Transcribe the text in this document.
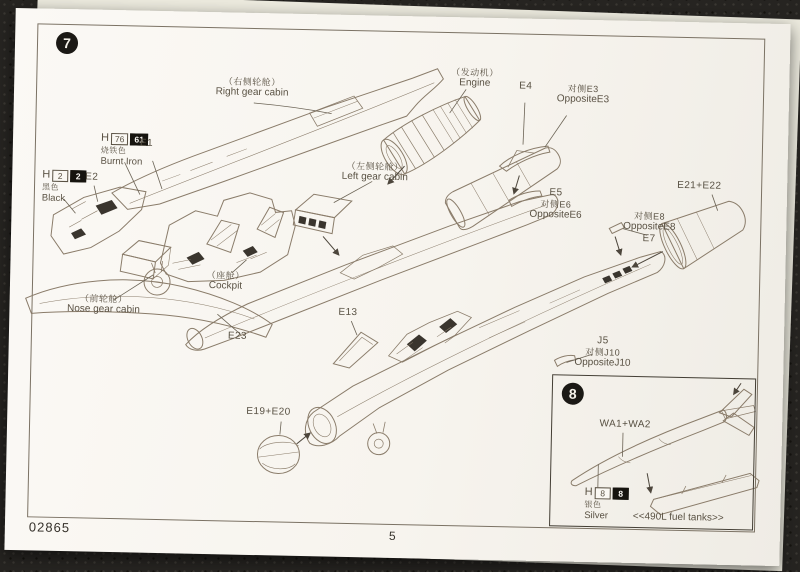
7
（右侧轮舱）
Right gear cabin
（发动机）
Engine	E4	对侧E3
OppositeE3
H 76	61
烧铁色
Burnt Iron
E1
H 2	2
黑色
Black
E2
（左侧轮舱）
Left gear cabin
E5
对侧E6
OppositeE6
E21+E22
对侧E8
OppositeE8
E7
（座舱）
Cockpit
（前轮舱）
Nose gear cabin
E23
E13
J5
对侧J10
OppositeJ10
E19+E20
8
WA1+WA2
H 8	8
银色
Silver	<<490L fuel tanks>>
02865
5
